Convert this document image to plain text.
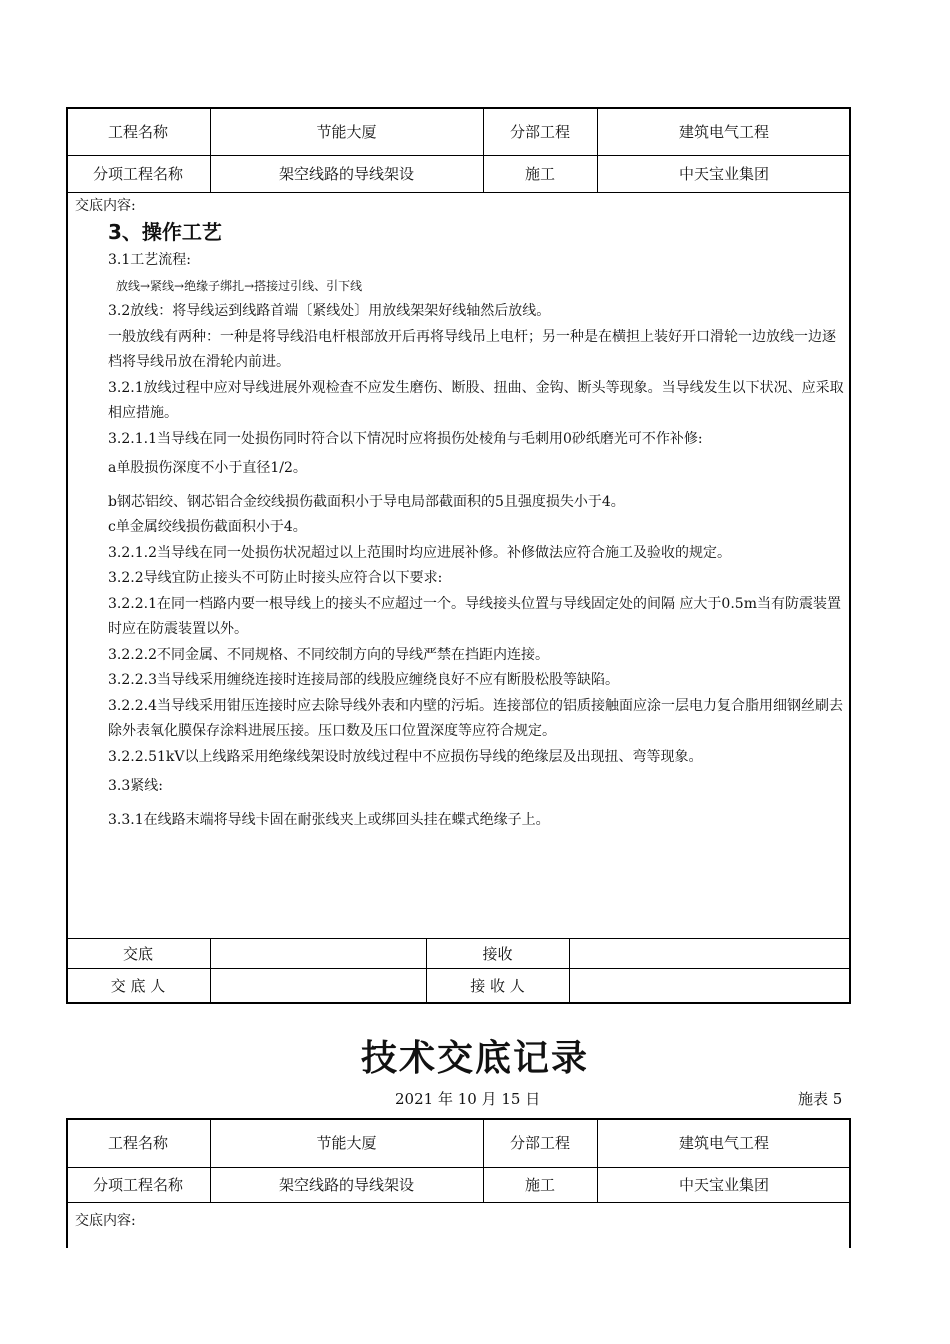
工程名称	节能大厦	分部工程	建筑电气工程
分项工程名称	架空线路的导线架设	施工	中天宝业集团
交底内容:
3、操作工艺

3.1工艺流程:

放线→紧线→绝缘子绑扎→搭接过引线、引下线

3.2放线：将导线运到线路首端〔紧线处〕用放线架架好线轴然后放线。

一般放线有两种：一种是将导线沿电杆根部放开后再将导线吊上电杆；另一种是在横担上装好开口滑轮一边放线一边逐档将导线吊放在滑轮内前进。

3.2.1放线过程中应对导线进展外观检查不应发生磨伤、断股、扭曲、金钩、断头等现象。当导线发生以下状况、应采取相应措施。

3.2.1.1当导线在同一处损伤同时符合以下情况时应将损伤处棱角与毛刺用0砂纸磨光可不作补修:

a单股损伤深度不小于直径1/2。

b钢芯铝绞、钢芯铝合金绞线损伤截面积小于导电局部截面积的5且强度损失小于4。

c单金属绞线损伤截面积小于4。

3.2.1.2当导线在同一处损伤状况超过以上范围时均应进展补修。补修做法应符合施工及验收的规定。

3.2.2导线宜防止接头不可防止时接头应符合以下要求:

3.2.2.1在同一档路内要一根导线上的接头不应超过一个。导线接头位置与导线固定处的间隔 应大于0.5m当有防震装置时应在防震装置以外。

3.2.2.2不同金属、不同规格、不同绞制方向的导线严禁在挡距内连接。

3.2.2.3当导线采用缠绕连接时连接局部的线股应缠绕良好不应有断股松股等缺陷。

3.2.2.4当导线采用钳压连接时应去除导线外表和内壁的污垢。连接部位的铝质接触面应涂一层电力复合脂用细钢丝刷去除外表氧化膜保存涂料进展压接。压口数及压口位置深度等应符合规定。

3.2.2.51kV以上线路采用绝缘线架设时放线过程中不应损伤导线的绝缘层及出现扭、弯等现象。

3.3紧线:

3.3.1在线路末端将导线卡固在耐张线夹上或绑回头挂在蝶式绝缘子上。

交底	接收
交 底 人	接 收 人
技术交底记录
2021 年 10 月 15 日	施表 5
工程名称	节能大厦	分部工程	建筑电气工程
分项工程名称	架空线路的导线架设	施工	中天宝业集团
交底内容:
